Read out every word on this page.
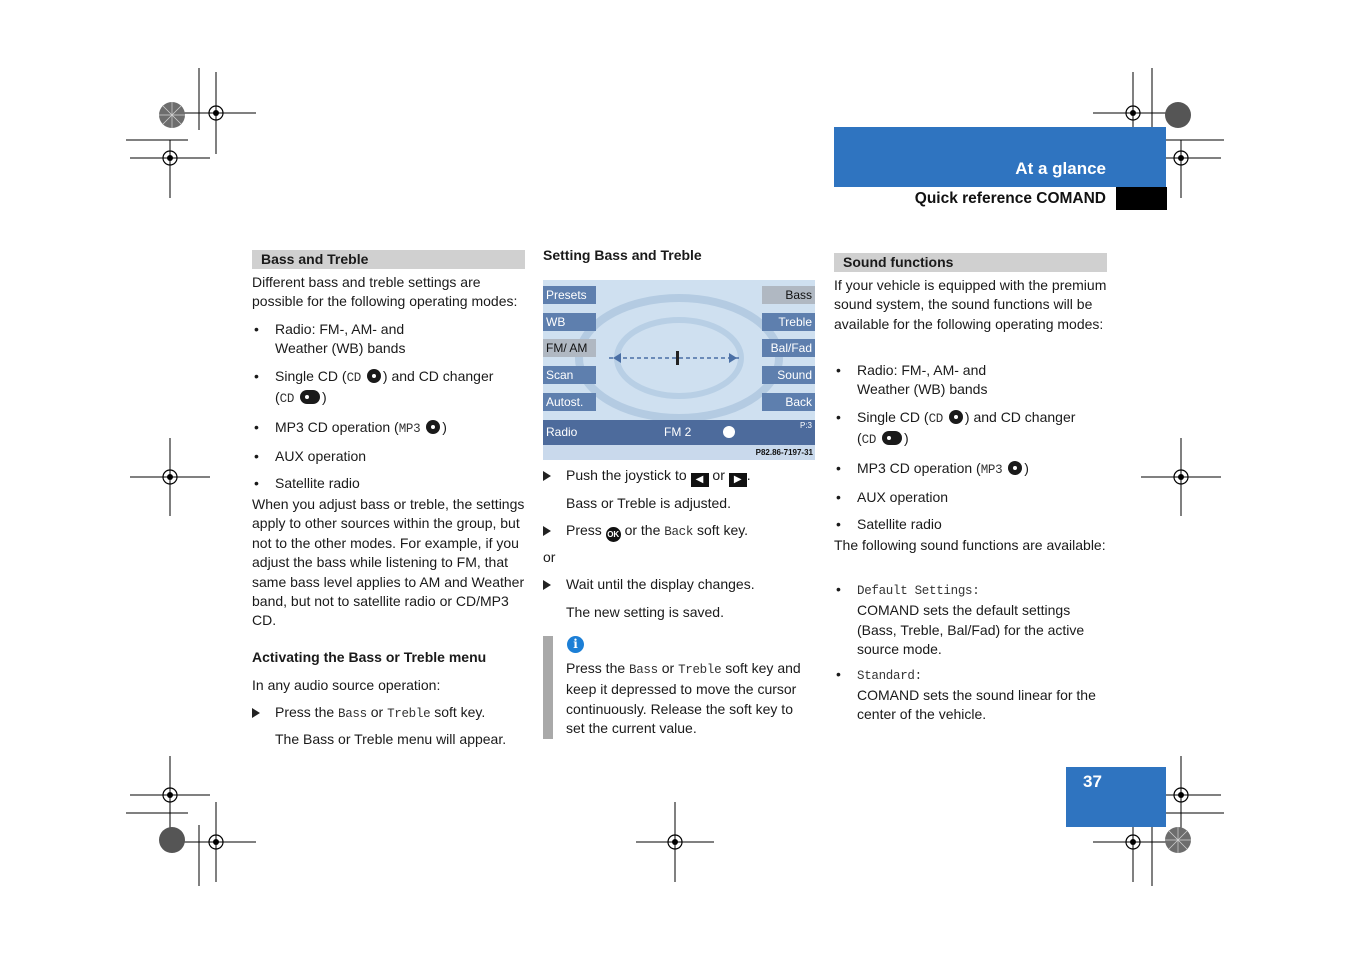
At a glance
Quick reference COMAND
37
Bass and Treble
Different bass and treble settings are possible for the following operating modes:
• Radio: FM-, AM- and
Weather (WB) bands
• Single CD (CD ) and CD changer
(CD )
• MP3 CD operation (MP3 )
• AUX operation
• Satellite radio
When you adjust bass or treble, the settings apply to other sources within the group, but not to the other modes. For example, if you adjust the bass while listening to FM, that same bass level applies to AM and Weather band, but not to satellite radio or CD/MP3 CD.
Activating the Bass or Treble menu
In any audio source operation:
Press the Bass or Treble soft key.
The Bass or Treble menu will appear.
Setting Bass and Treble
Presets
WB
FM/ AM
Scan
Autost.
Bass
Treble
Bal/Fad
Sound
Back
Radio	FM 2	P:3
P82.86-7197-31
Push the joystick to ◀ or ▶ .
Bass or Treble is adjusted.
Press OK or the Back soft key.
or
Wait until the display changes.
The new setting is saved.
i
Press the Bass or Treble soft key and keep it depressed to move the cursor continuously. Release the soft key to set the current value.
Sound functions
If your vehicle is equipped with the premium sound system, the sound functions will be available for the following operating modes:
• Radio: FM-, AM- and
Weather (WB) bands
• Single CD (CD ) and CD changer
(CD )
• MP3 CD operation (MP3 )
• AUX operation
• Satellite radio
The following sound functions are available:
• Default Settings:
COMAND sets the default settings (Bass, Treble, Bal/Fad) for the active source mode.
• Standard:
COMAND sets the sound linear for the center of the vehicle.
